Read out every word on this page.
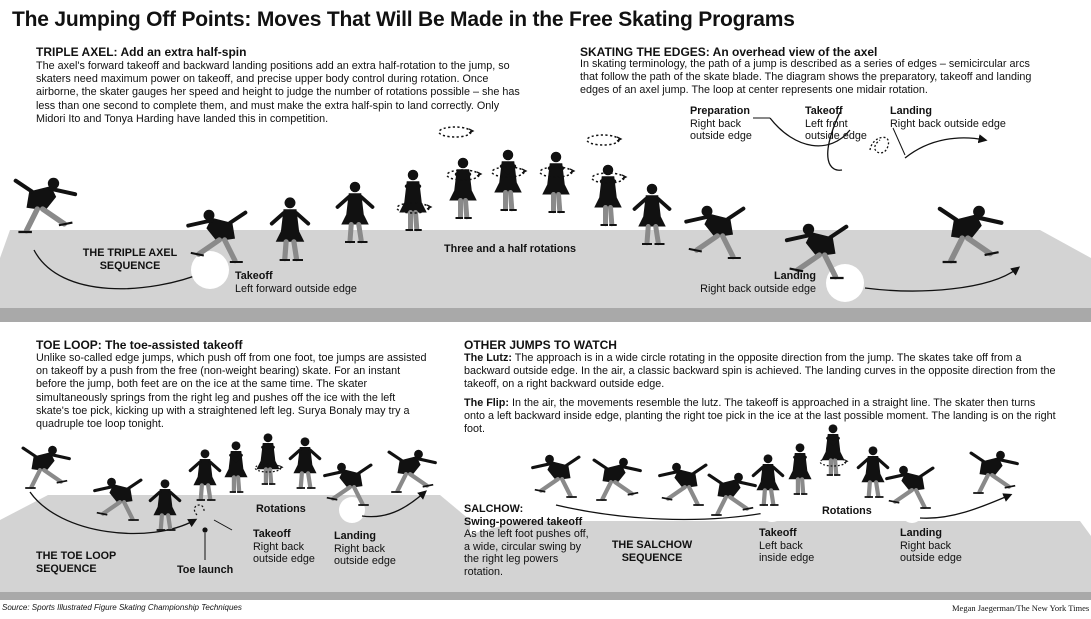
The Jumping Off Points: Moves That Will Be Made in the Free Skating Programs
TRIPLE AXEL: Add an extra half-spin
The axel's forward takeoff and backward landing positions add an extra half-rotation to the jump, so skaters need maximum power on takeoff, and precise upper body control during rotation. Once airborne, the skater gauges her speed and height to judge the number of rotations possible – she has less than one second to complete them, and must make the extra half-spin to land correctly. Only Midori Ito and Tonya Harding have landed this in competition.
THE TRIPLE AXEL
SEQUENCE
Takeoff
Left forward outside edge
Three and a half rotations
Landing
Right back outside edge
SKATING THE EDGES: An overhead view of the axel
In skating terminology, the path of a jump is described as a series of edges – semicircular arcs that follow the path of the skate blade. The diagram shows the preparatory, takeoff and landing edges of an axel jump. The loop at center represents one midair rotation.
Preparation
Right back
outside edge
Takeoff
Left front
outside edge
Landing
Right back outside edge
TOE LOOP: The toe-assisted takeoff
Unlike so-called edge jumps, which push off from one foot, toe jumps are assisted on takeoff by a push from the free (non-weight bearing) skate. For an instant before the jump, both feet are on the ice at the same time. The skater simultaneously springs from the right leg and pushes off the ice with the left skate's toe pick, kicking up with a straightened left leg. Surya Bonaly may try a quadruple toe loop tonight.
THE TOE LOOP
SEQUENCE	Toe launch
Takeoff
Right back
outside edge
Rotations
Landing
Right back
outside edge
OTHER JUMPS TO WATCH
The Lutz: The approach is in a wide circle rotating in the opposite direction from the jump. The skates take off from a backward outside edge. In the air, a classic backward spin is achieved. The landing curves in the opposite direction from the takeoff, on a right backward outside edge.
The Flip: In the air, the movements resemble the lutz. The takeoff is approached in a straight line. The skater then turns onto a left backward inside edge, planting the right toe pick in the ice at the last possible moment. The landing is on the right foot.
SALCHOW:
Swing-powered takeoff
As the left foot pushes off,
a wide, circular swing by
the right leg powers
rotation.
THE SALCHOW
SEQUENCE
Takeoff
Left back
inside edge
Rotations
Landing
Right back
outside edge
Source: Sports Illustrated Figure Skating Championship Techniques	Megan Jaegerman/The New York Times
